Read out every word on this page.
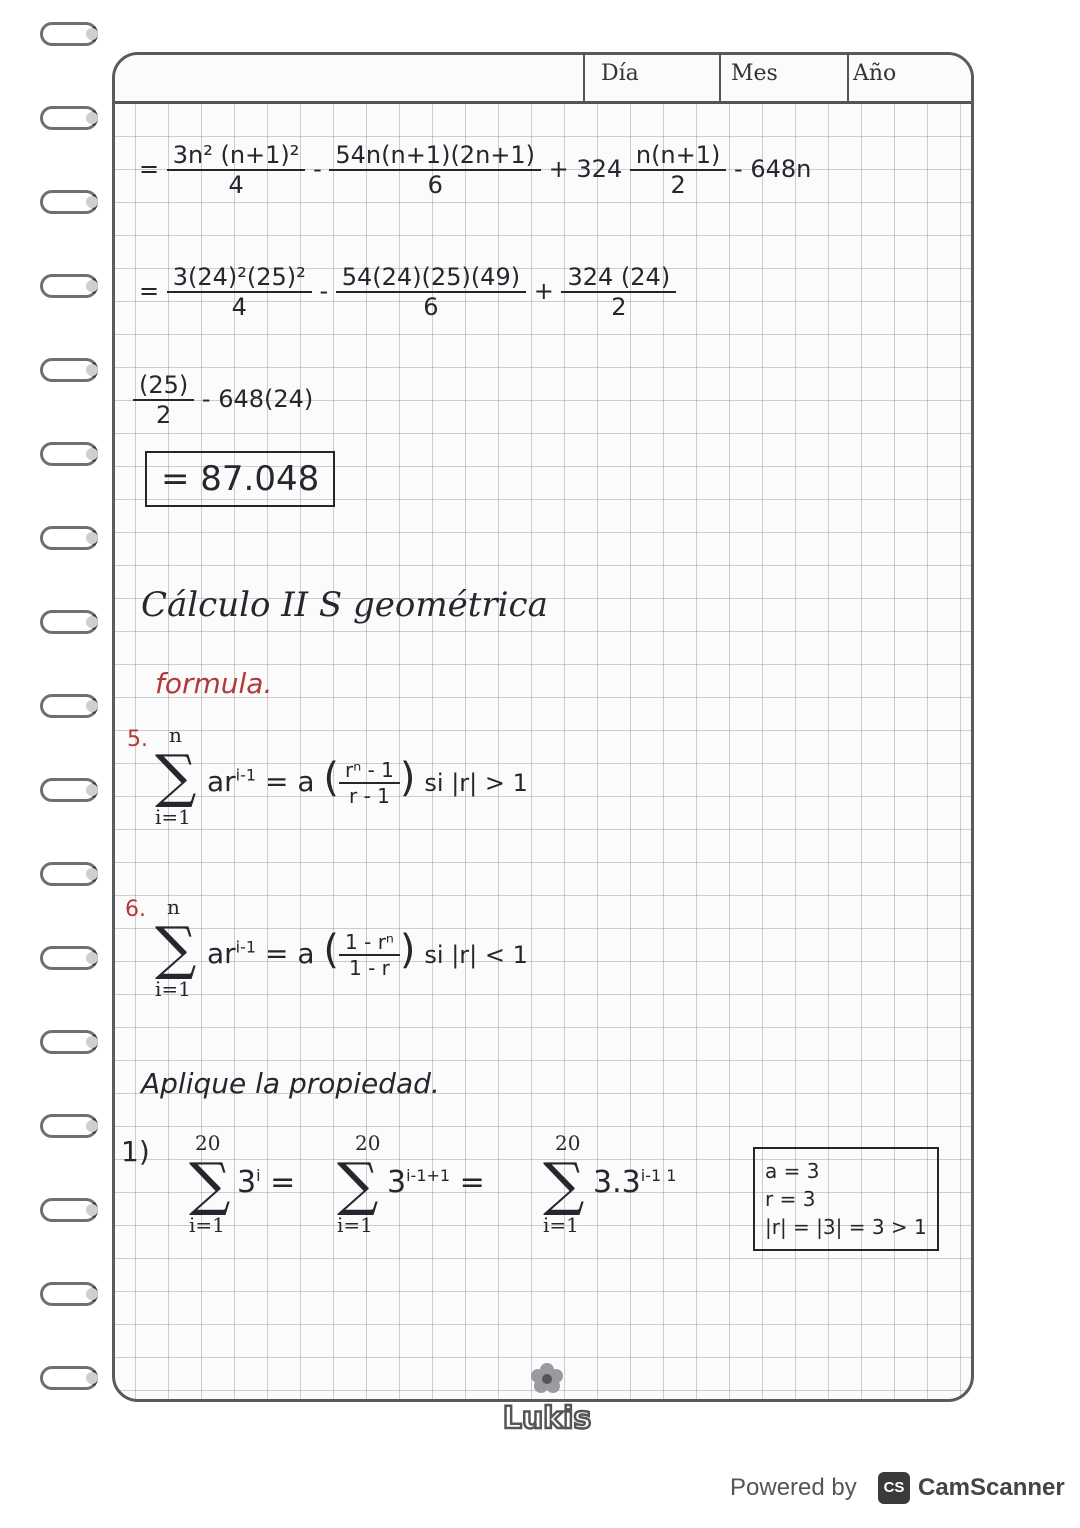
Día	Mes	Año
= $\frac{\text{3n² (n+1)²}}{4} - \frac{54n(n+1)(2n+1)}{6} + 324 \frac{n(n+1)}{2} - 648n$
= $\frac{\text{3(24)²(25)²}}{4} - \frac{54(24)(25)(49)}{6} + \frac{324 (24)}{2}$
$\frac{(25)}{2} - 648(24)$
= 87.048
Cálculo II S geométrica
formula.
5.	n
∑
i=1
$ar^{i-1} = a$ ( $\frac{\text{rⁿ - 1}}{r - 1}$ ) si |r| > 1
6.	n
∑
i=1
$ar^{i-1} = a$ ( $\frac{\text{1 - rⁿ}}{1 - r}$ ) si |r| < 1
Aplique la propiedad.
1)	20
∑
i=1
$3^i$ =
20
∑
i=1
$3^{i-1+1}$ =
20
∑
i=1
$3.3^{i-1 1}$	a = 3
r = 3
|r| = |3| = 3 > 1
Lukis
Powered by	CS CamScanner
